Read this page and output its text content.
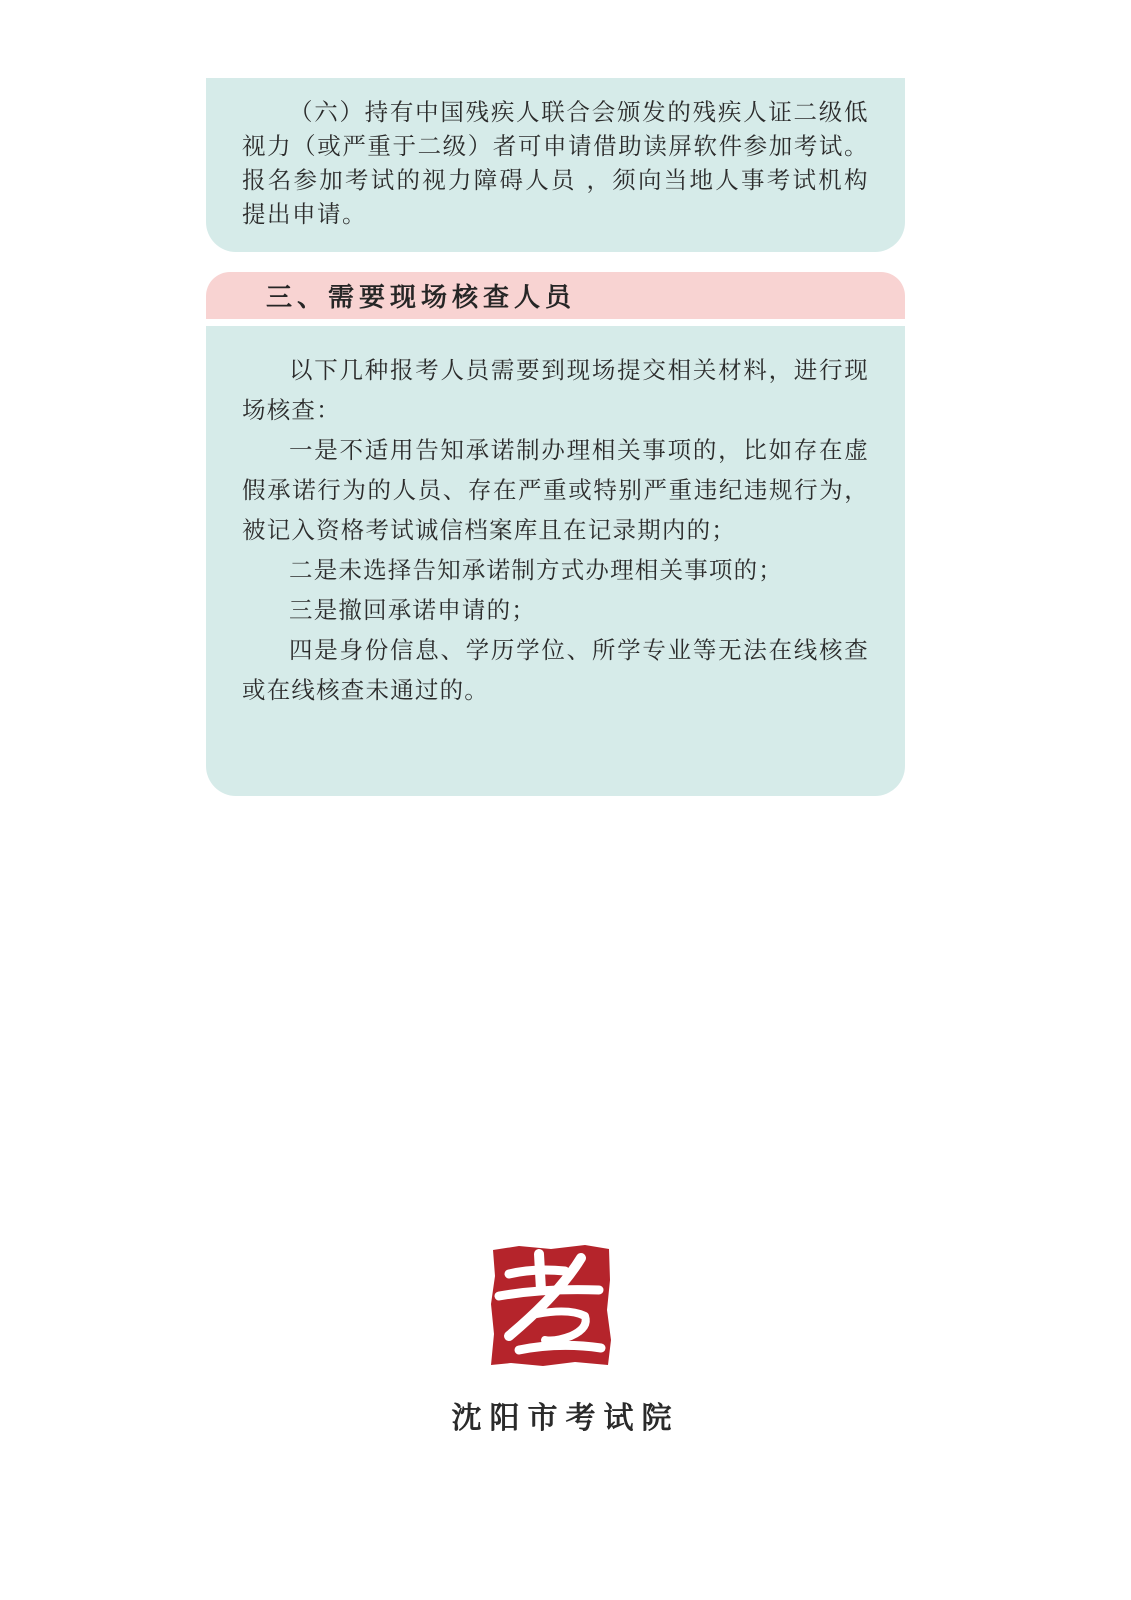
（六）持有中国残疾人联合会颁发的残疾人证二级低视力（或严重于二级）者可申请借助读屏软件参加考试。报名参加考试的视力障碍人员 ，须向当地人事考试机构提出申请。

三、需要现场核查人员

以下几种报考人员需要到现场提交相关材料，进行现场核查：

一是不适用告知承诺制办理相关事项的，比如存在虚假承诺行为的人员、存在严重或特别严重违纪违规行为，被记入资格考试诚信档案库且在记录期内的；

二是未选择告知承诺制方式办理相关事项的；

三是撤回承诺申请的；

四是身份信息、学历学位、所学专业等无法在线核查或在线核查未通过的。

沈阳市考试院
